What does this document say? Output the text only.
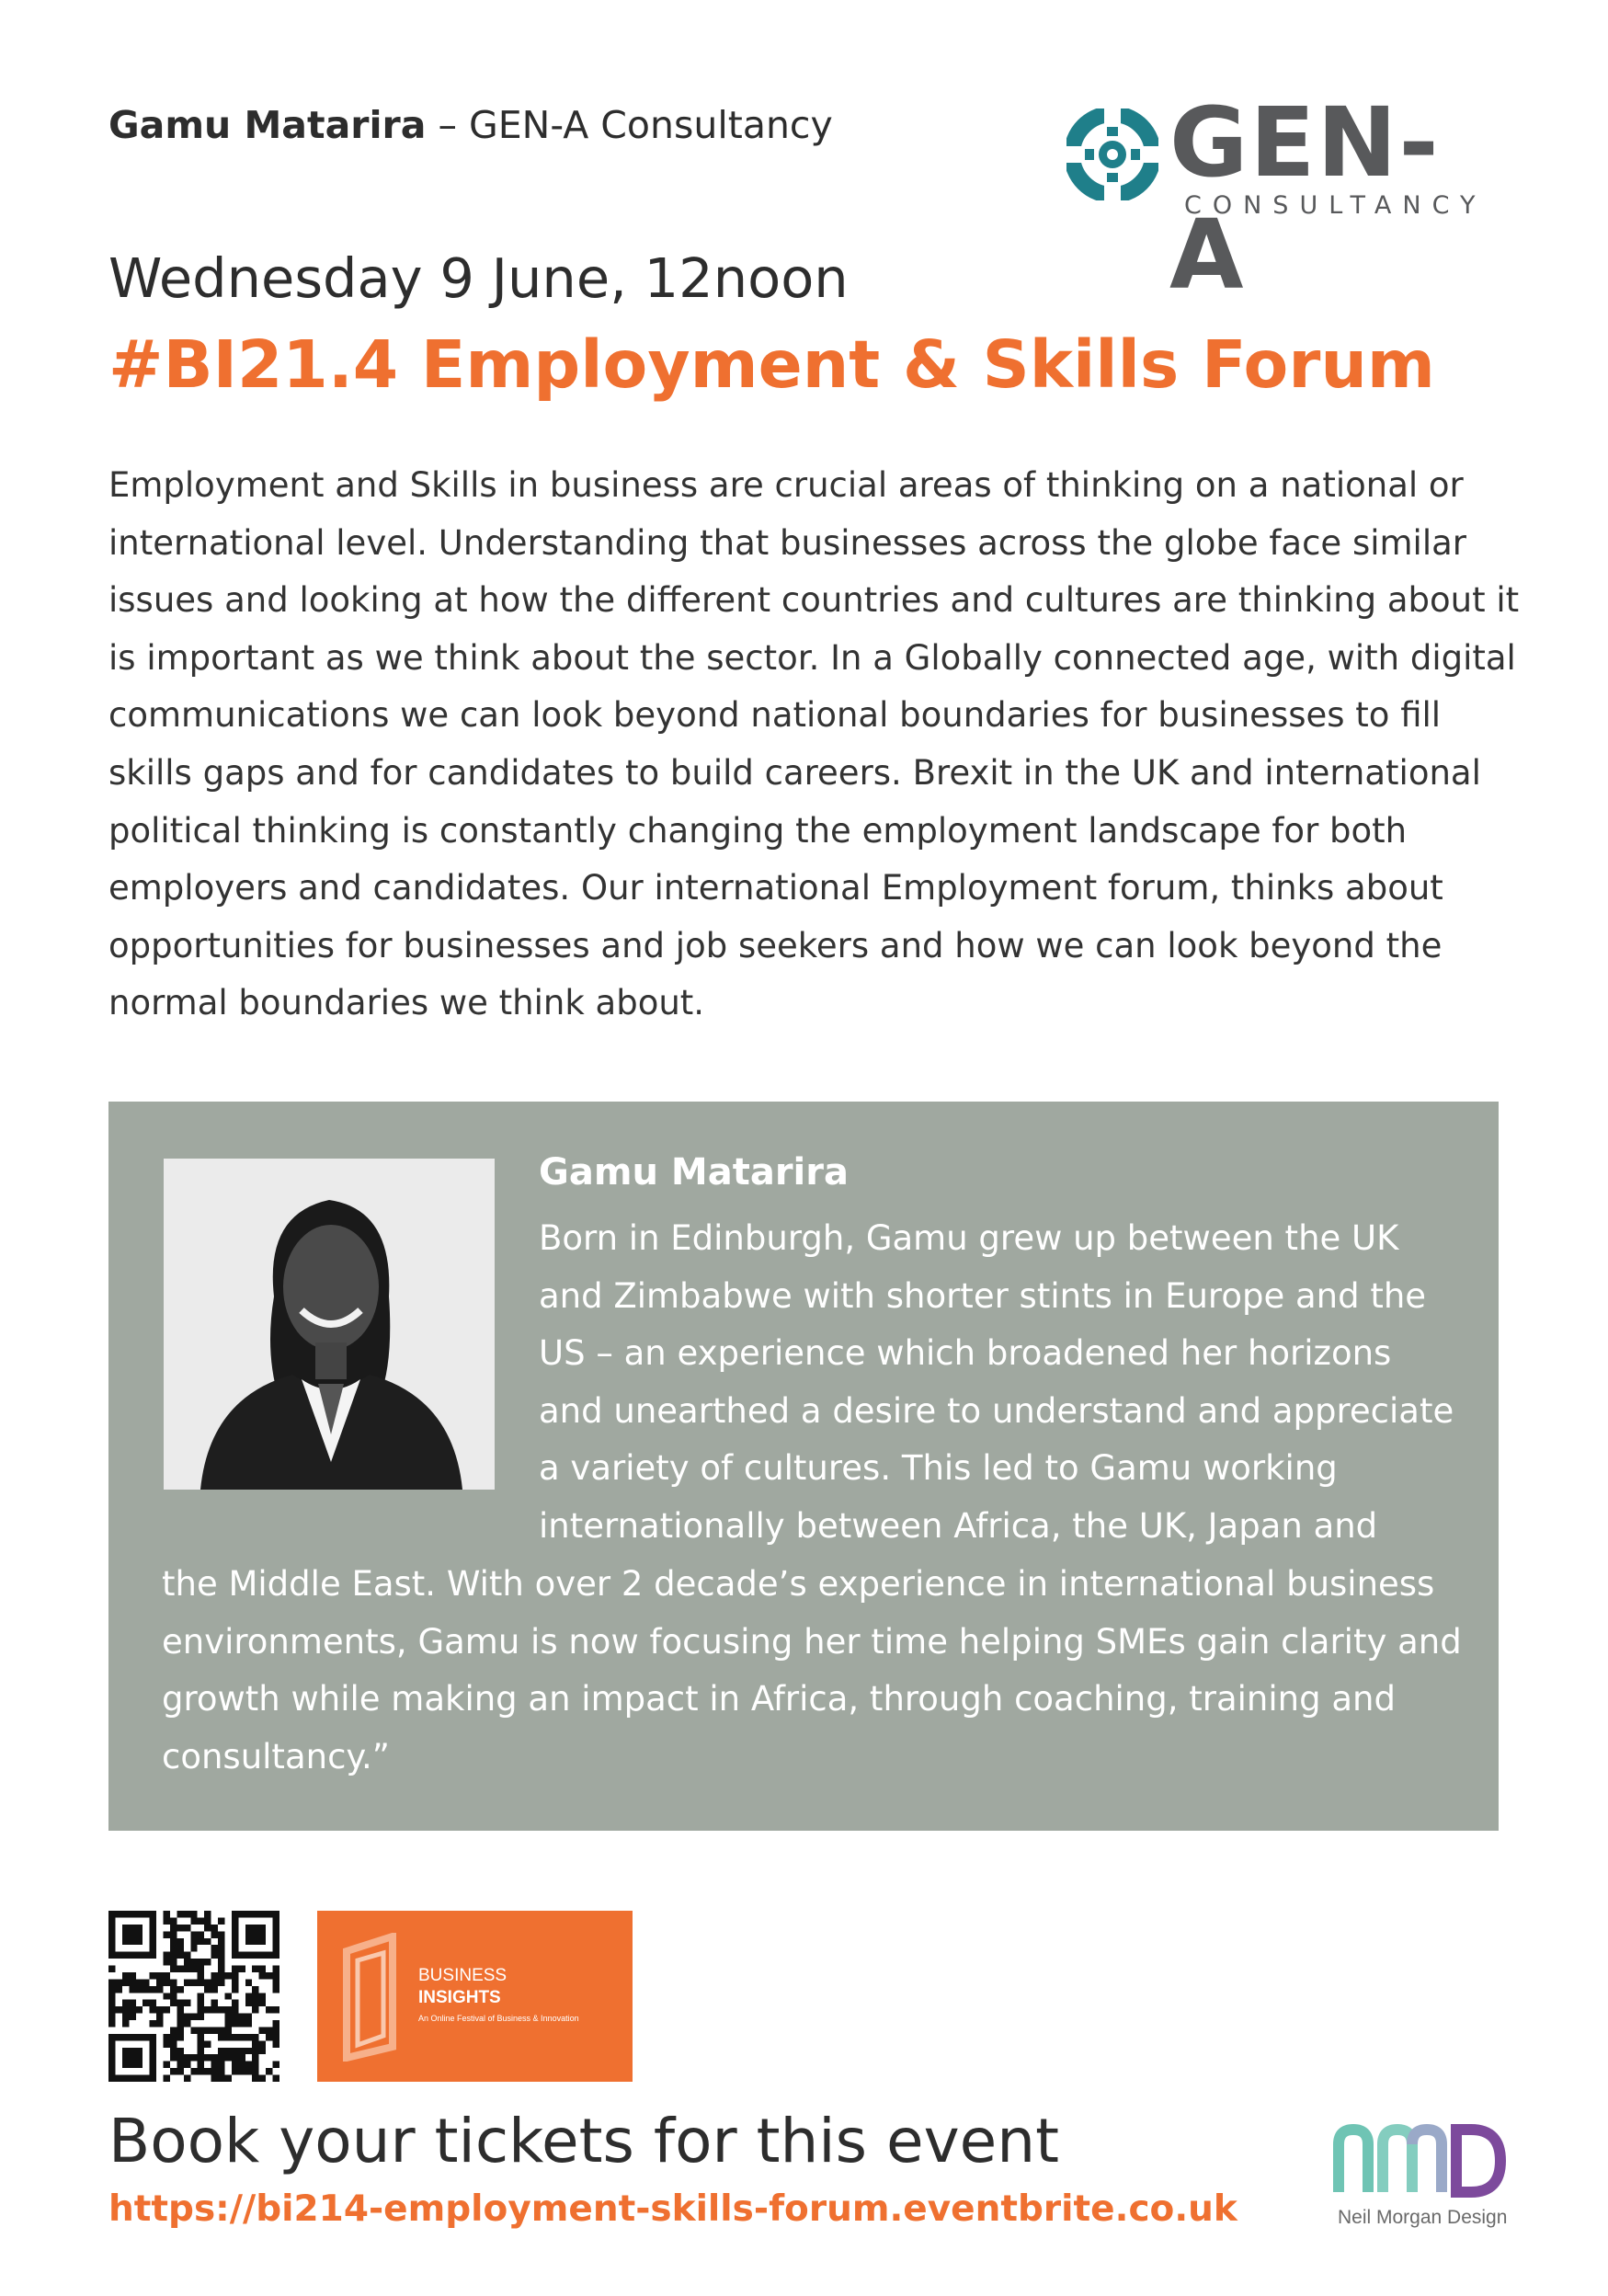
Gamu Matarira – GEN-A Consultancy	GEN-A
CONSULTANCY
Wednesday 9 June, 12noon
#BI21.4 Employment & Skills Forum
Employment and Skills in business are crucial areas of thinking on a national or
international level. Understanding that businesses across the globe face similar
issues and looking at how the different countries and cultures are thinking about it
is important as we think about the sector. In a Globally connected age, with digital
communications we can look beyond national boundaries for businesses to fill
skills gaps and for candidates to build careers. Brexit in the UK and international
political thinking is constantly changing the employment landscape for both
employers and candidates. Our international Employment forum, thinks about
opportunities for businesses and job seekers and how we can look beyond the
normal boundaries we think about.
Gamu Matarira
Born in Edinburgh, Gamu grew up between the UK
and Zimbabwe with shorter stints in Europe and the
US – an experience which broadened her horizons
and unearthed a desire to understand and appreciate
a variety of cultures. This led to Gamu working
internationally between Africa, the UK, Japan and
the Middle East. With over 2 decade’s experience in international business
environments, Gamu is now focusing her time helping SMEs gain clarity and
growth while making an impact in Africa, through coaching, training and
consultancy.”
BUSINESS
INSIGHTS
An Online Festival of Business & Innovation
Book your tickets for this event
https://bi214-employment-skills-forum.eventbrite.co.uk	Neil Morgan Design
